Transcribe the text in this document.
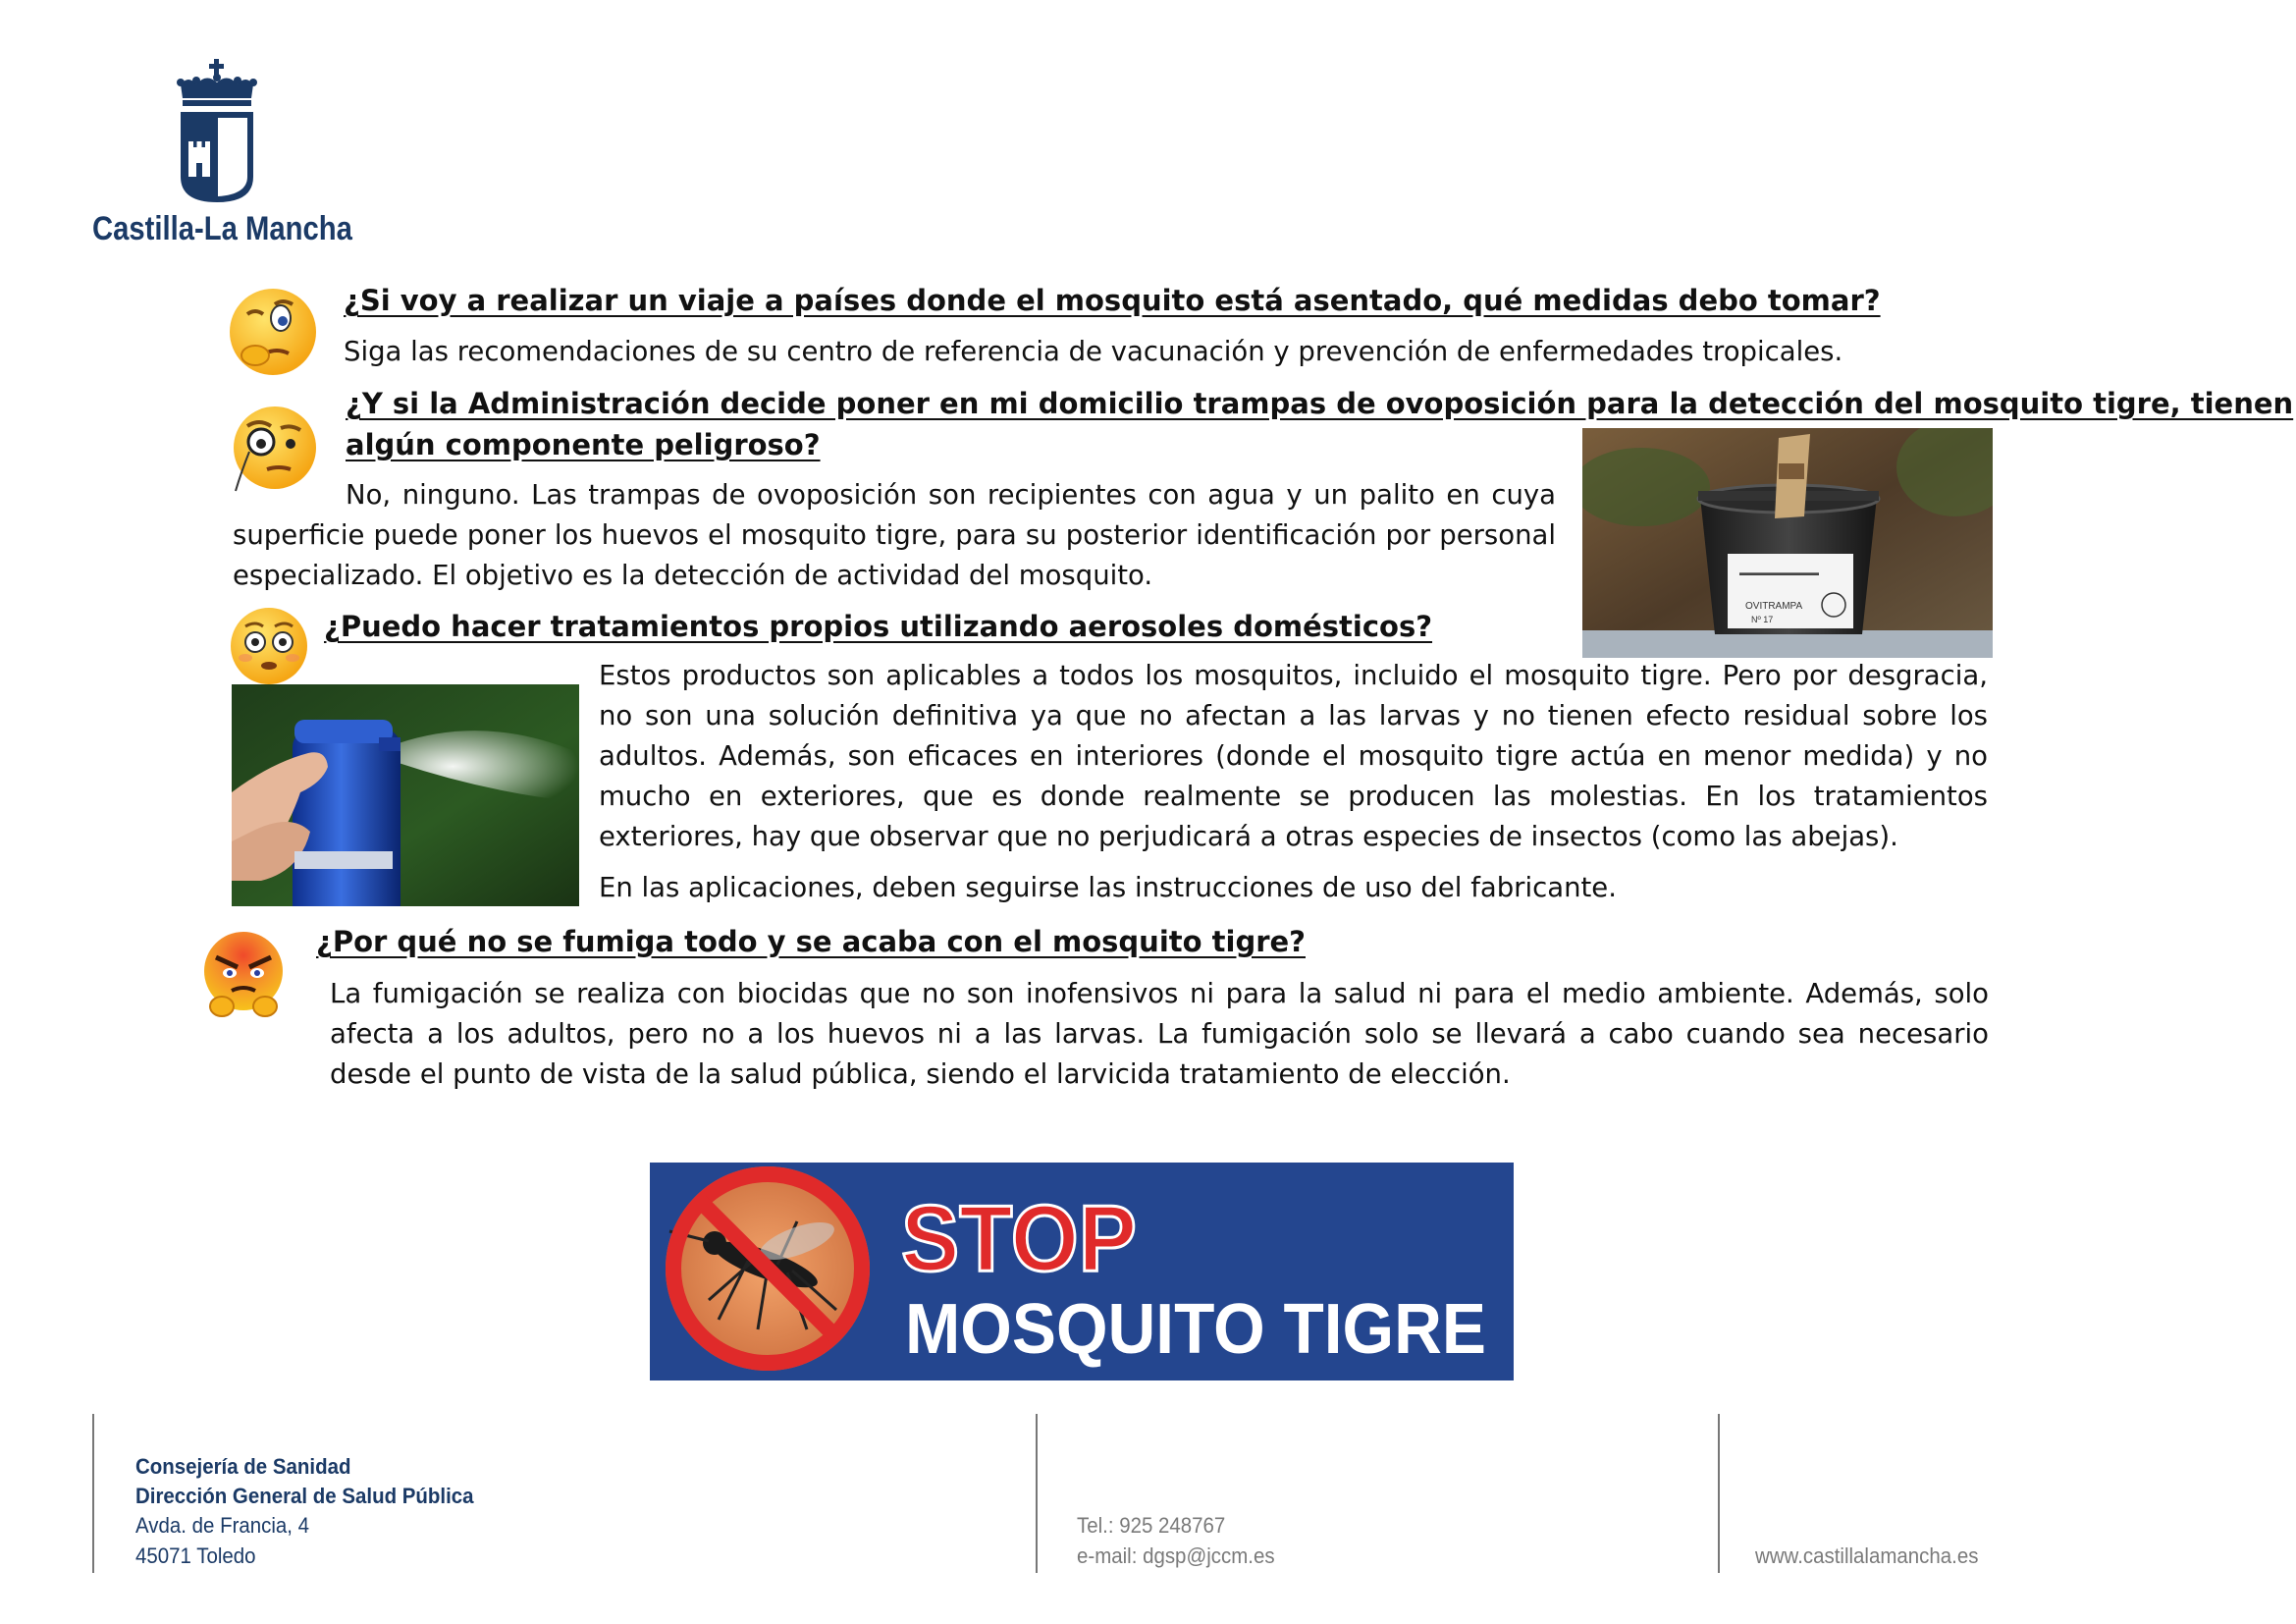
Castilla-La Mancha
¿Si voy a realizar un viaje a países donde el mosquito está asentado, qué medidas debo tomar?
Siga las recomendaciones de su centro de referencia de vacunación y prevención de enfermedades tropicales.
¿Y si la Administración decide poner en mi domicilio trampas de ovoposición para la detección del mosquito tigre, tienen
algún componente peligroso?
No, ninguno. Las trampas de ovoposición son recipientes con agua y un palito en cuya superficie puede poner los huevos el mosquito tigre, para su posterior identificación por personal especializado. El objetivo es la detección de actividad del mosquito.	▬▬▬▬▬▬▬▬▬
OVITRAMPA
Nº 17
¿Puedo hacer tratamientos propios utilizando aerosoles domésticos?
Estos productos son aplicables a todos los mosquitos, incluido el mosquito tigre. Pero por desgracia, no son una solución definitiva ya que no afectan a las larvas y no tienen efecto residual sobre los adultos. Además, son eficaces en interiores (donde el mosquito tigre actúa en menor medida) y no mucho en exteriores, que es donde realmente se producen las molestias. En los tratamientos exteriores, hay que observar que no perjudicará a otras especies de insectos (como las abejas).
En las aplicaciones, deben seguirse las instrucciones de uso del fabricante.
¿Por qué no se fumiga todo y se acaba con el mosquito tigre?
La fumigación se realiza con biocidas que no son inofensivos ni para la salud ni para el medio ambiente. Además, solo afecta a los adultos, pero no a los huevos ni a las larvas. La fumigación solo se llevará a cabo cuando sea necesario desde el punto de vista de la salud pública, siendo el larvicida tratamiento de elección.
STOP
MOSQUITO TIGRE
Consejería de Sanidad
Dirección General de Salud Pública
Avda. de Francia, 4
45071 Toledo
Tel.: 925 248767
e-mail: dgsp@jccm.es	www.castillalamancha.es
